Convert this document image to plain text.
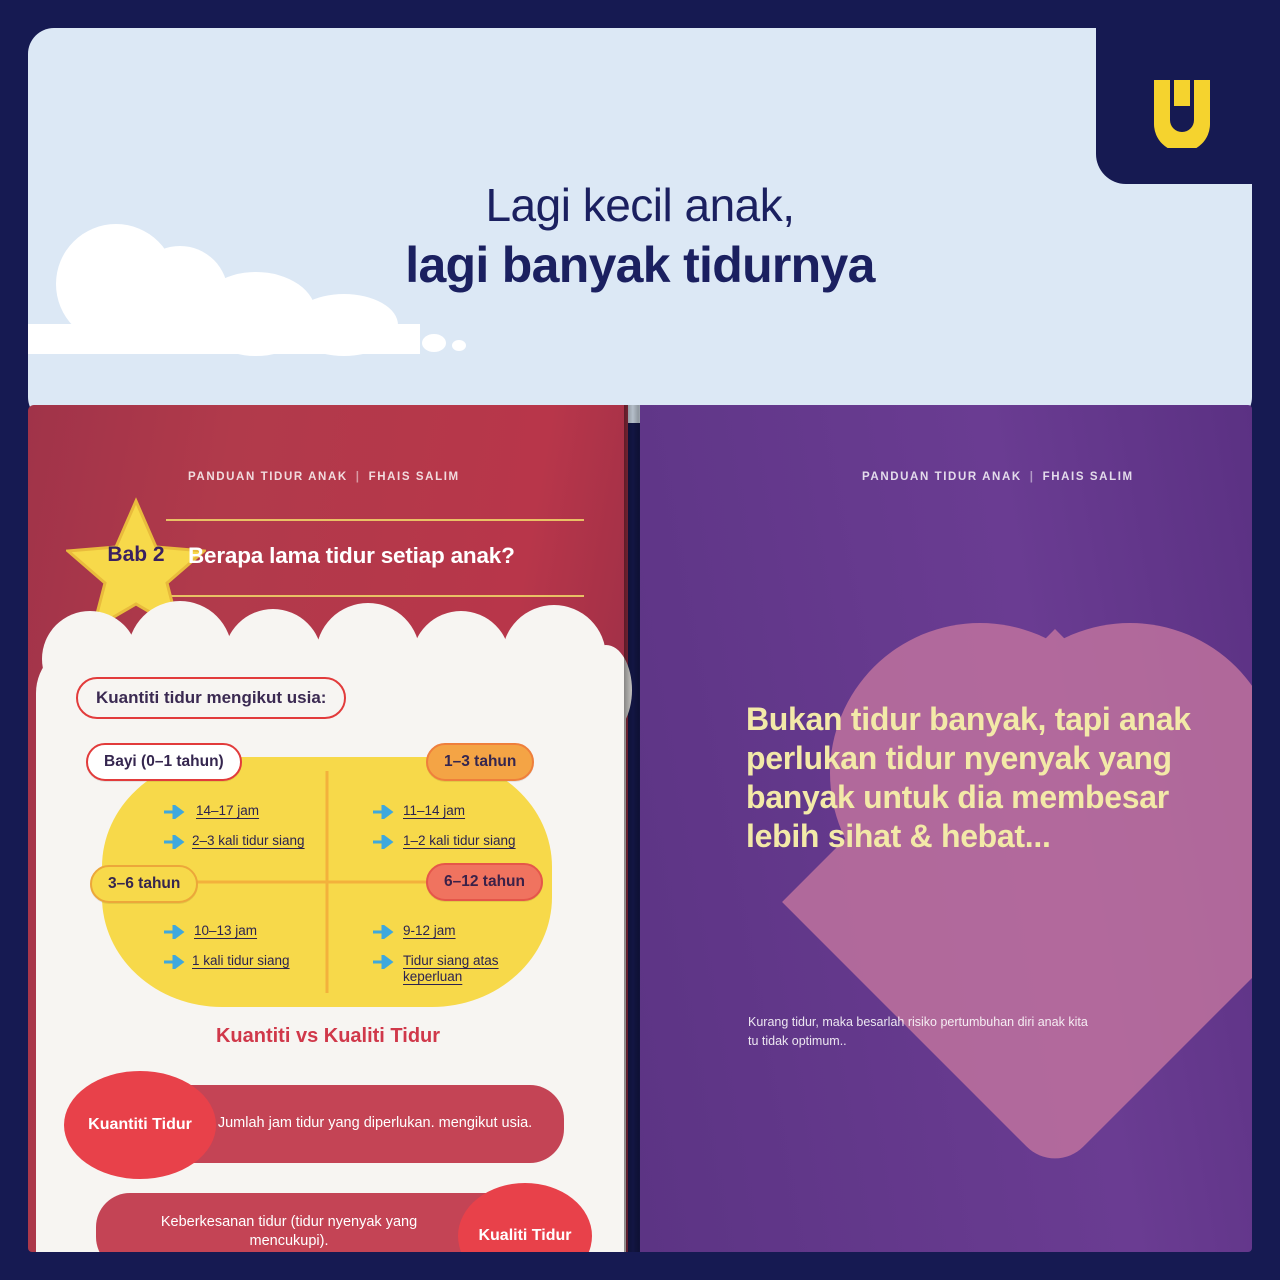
Lagi kecil anak,
lagi banyak tidurnya
PANDUAN TIDUR ANAK | FHAIS SALIM
Bab 2	Berapa lama tidur setiap anak?
Kuantiti tidur mengikut usia:
Bayi (0–1 tahun)	1–3 tahun
3–6 tahun	6–12 tahun
14–17 jam
2–3 kali tidur siang
11–14 jam
1–2 kali tidur siang
10–13 jam
1 kali tidur siang
9-12 jam
Tidur siang atas keperluan
Kuantiti vs Kualiti Tidur
Jumlah jam tidur yang diperlukan. mengikut usia.
Kuantiti Tidur
Keberkesanan tidur (tidur nyenyak yang mencukupi).	Kualiti Tidur
PANDUAN TIDUR ANAK | FHAIS SALIM
Bukan tidur banyak, tapi anak perlukan tidur nyenyak yang banyak untuk dia membesar lebih sihat & hebat...
Kurang tidur, maka besarlah risiko pertumbuhan diri anak kita tu tidak optimum..
